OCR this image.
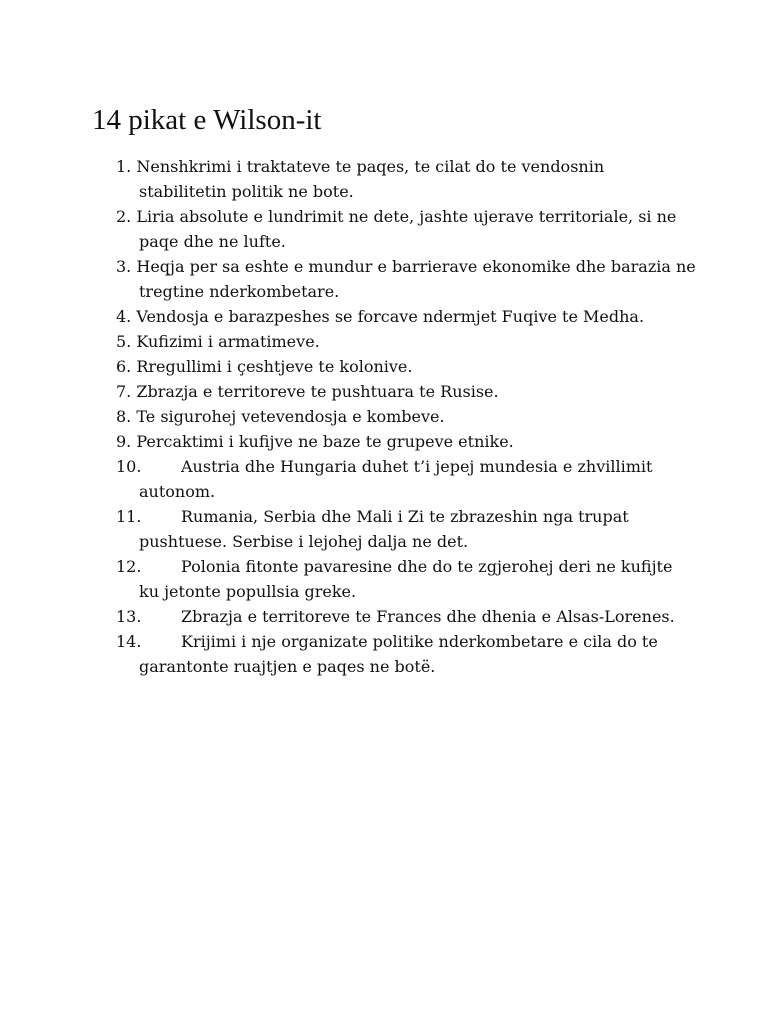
14 pikat e Wilson-it
1. Nenshkrimi i traktateve te paqes, te cilat do te vendosnin stabilitetin politik ne bote.
2. Liria absolute e lundrimit ne dete, jashte ujerave territoriale, si ne paqe dhe ne lufte.
3. Heqja per sa eshte e mundur e barrierave ekonomike dhe barazia ne tregtine nderkombetare.
4. Vendosja e barazpeshes se forcave ndermjet Fuqive te Medha.
5. Kufizimi i armatimeve.
6. Rregullimi i çeshtjeve te kolonive.
7. Zbrazja e territoreve te pushtuara te Rusise.
8. Te sigurohej vetevendosja e kombeve.
9. Percaktimi i kufijve ne baze te grupeve etnike.
10. Austria dhe Hungaria duhet t’i jepej mundesia e zhvillimit autonom.
11. Rumania, Serbia dhe Mali i Zi te zbrazeshin nga trupat pushtuese. Serbise i lejohej dalja ne det.
12. Polonia fitonte pavaresine dhe do te zgjerohej deri ne kufijte ku jetonte popullsia greke.
13. Zbrazja e territoreve te Frances dhe dhenia e Alsas-Lorenes.
14. Krijimi i nje organizate politike nderkombetare e cila do te garantonte ruajtjen e paqes ne botë.
